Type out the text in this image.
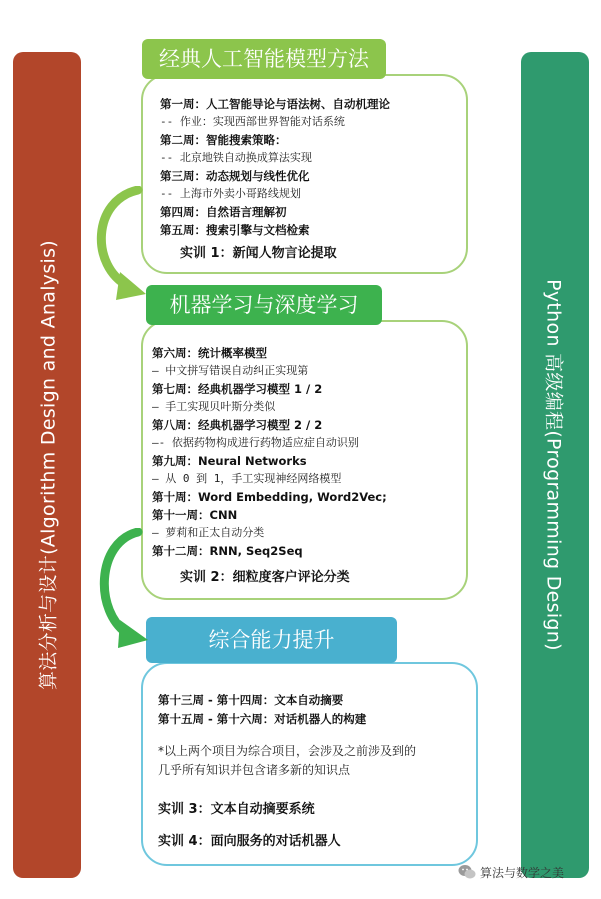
算法分析与设计(Algorithm Design and Analysis)	Python 高级编程(Programming Design)
经典人工智能模型方法
机器学习与深度学习
综合能力提升
第一周：人工智能导论与语法树、自动机理论
-- 作业：实现西部世界智能对话系统
第二周：智能搜索策略：
-- 北京地铁自动换成算法实现
第三周：动态规划与线性优化
-- 上海市外卖小哥路线规划
第四周：自然语言理解初
第五周：搜索引擎与文档检索
实训 1：新闻人物言论提取
第六周：统计概率模型
— 中文拼写错误自动纠正实现第
第七周：经典机器学习模型 1 / 2
— 手工实现贝叶斯分类似
第八周：经典机器学习模型 2 / 2
—- 依据药物构成进行药物适应症自动识别
第九周：Neural Networks
— 从 0 到 1，手工实现神经网络模型
第十周：Word Embedding, Word2Vec;
第十一周：CNN
— 萝莉和正太自动分类
第十二周：RNN, Seq2Seq
实训 2：细粒度客户评论分类
第十三周 - 第十四周：文本自动摘要
第十五周 - 第十六周：对话机器人的构建
*以上两个项目为综合项目，会涉及之前涉及到的
几乎所有知识并包含诸多新的知识点
实训 3：文本自动摘要系统
实训 4：面向服务的对话机器人
算法与数学之美
